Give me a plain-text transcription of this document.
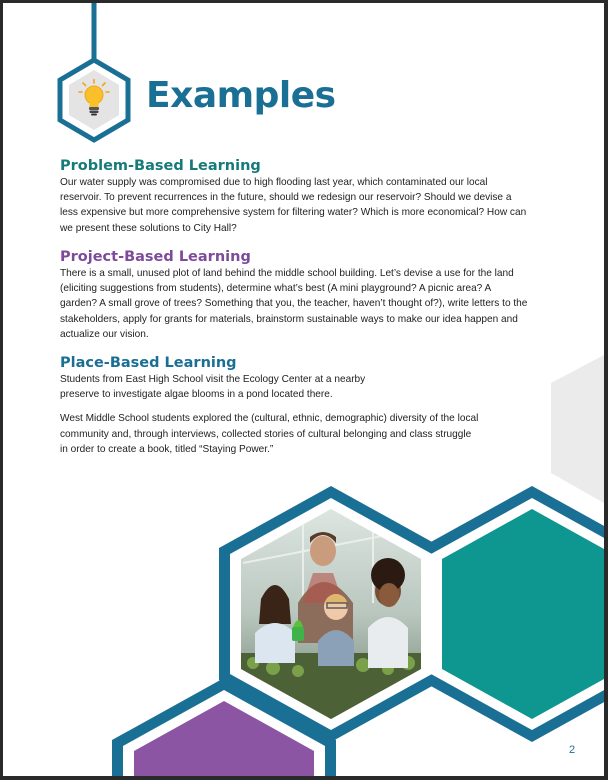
Examples
Problem-Based Learning

Our water supply was compromised due to high flooding last year, which contaminated our local reservoir. To prevent recurrences in the future, should we redesign our reservoir? Should we devise a less expensive but more comprehensive system for filtering water? Which is more economical? How can we present these solutions to City Hall?

Project-Based Learning

There is a small, unused plot of land behind the middle school building. Let’s devise a use for the land (eliciting suggestions from students), determine what’s best (A mini playground? A picnic area? A garden? A small grove of trees? Something that you, the teacher, haven’t thought of?), write letters to the stakeholders, apply for grants for materials, brainstorm sustainable ways to make our idea happen and actualize our vision.

Place-Based Learning

Students from East High School visit the Ecology Center at a nearby preserve to investigate algae blooms in a pond located there.

West Middle School students explored the (cultural, ethnic, demographic) diversity of the local community and, through interviews, collected stories of cultural belonging and class struggle in order to create a book, titled “Staying Power.”

2
